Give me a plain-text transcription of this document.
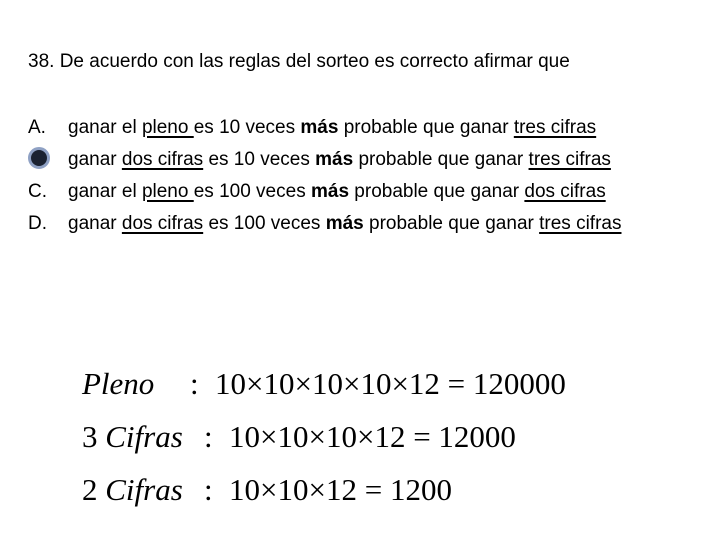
38. De acuerdo con las reglas del sorteo es correcto afirmar que
A. ganar el pleno es 10 veces más probable que ganar tres cifras
ganar dos cifras es 10 veces más probable que ganar tres cifras
C. ganar el pleno es 100 veces más probable que ganar dos cifras
D. ganar dos cifras es 100 veces más probable que ganar tres cifras
Pleno : 10×10×10×10×12 = 120000
3 Cifras : 10×10×10×12 = 12000
2 Cifras : 10×10×12 = 1200
